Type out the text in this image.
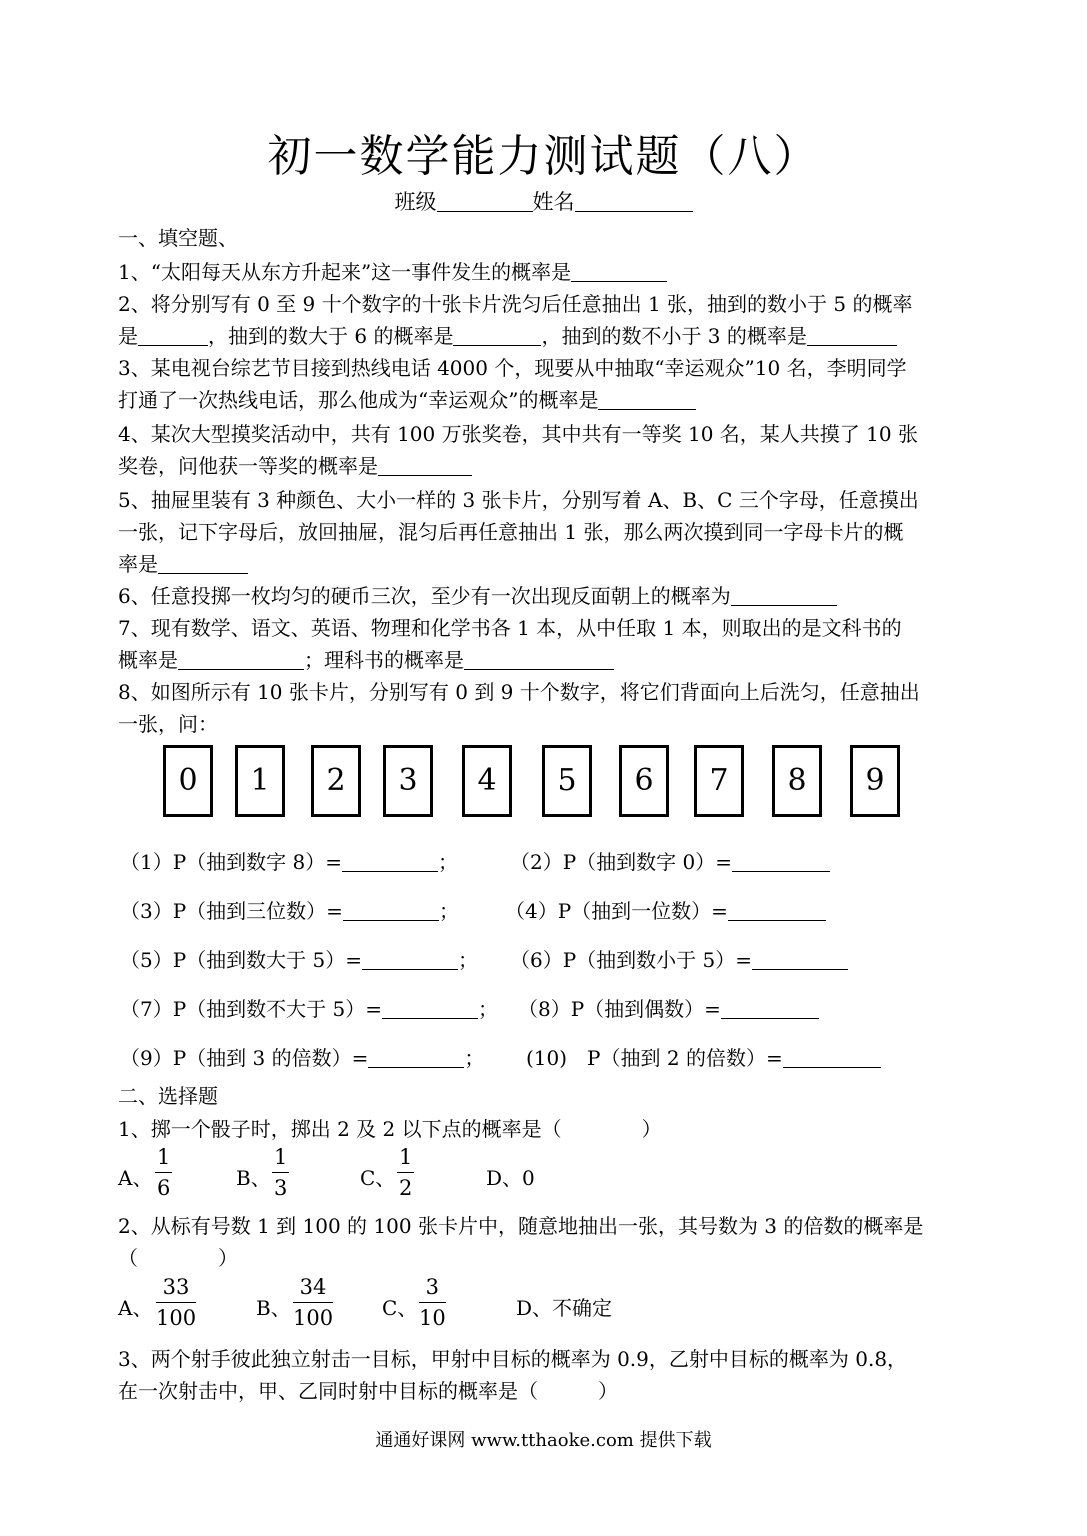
初一数学能力测试题（八）
班级	姓名
一、填空题、
1、“太阳每天从东方升起来”这一事件发生的概率是
2、将分别写有 0 至 9 十个数字的十张卡片洗匀后任意抽出 1 张，抽到的数小于 5 的概率
是	，抽到的数大于 6 的概率是	，抽到的数不小于 3 的概率是
3、某电视台综艺节目接到热线电话 4000 个，现要从中抽取“幸运观众”10 名，李明同学
打通了一次热线电话，那么他成为“幸运观众”的概率是
4、某次大型摸奖活动中，共有 100 万张奖卷，其中共有一等奖 10 名，某人共摸了 10 张
奖卷，问他获一等奖的概率是
5、抽屉里装有 3 种颜色、大小一样的 3 张卡片，分别写着 A、B、C 三个字母，任意摸出
一张，记下字母后，放回抽屉，混匀后再任意抽出 1 张，那么两次摸到同一字母卡片的概
率是
6、任意投掷一枚均匀的硬币三次，至少有一次出现反面朝上的概率为
7、现有数学、语文、英语、物理和化学书各 1 本，从中任取 1 本，则取出的是文科书的
概率是	；理科书的概率是
8、如图所示有 10 张卡片，分别写有 0 到 9 十个数字，将它们背面向上后洗匀，任意抽出
一张，问：
0	1	2	3	4	5	6	7	8	9
（1）P（抽到数字 8）=	；	（2）P（抽到数字 0）=
（3）P（抽到三位数）=	； （4）P（抽到一位数）=
（5）P（抽到数大于 5）=	； （6）P（抽到数小于 5）=
（7）P（抽到数不大于 5）=	； （8）P（抽到偶数）=
（9）P（抽到 3 的倍数）=	； (10)　P（抽到 2 的倍数）=
二、选择题
1、掷一个骰子时，掷出 2 及 2 以下点的概率是（　　　　）
A、 $\frac{1}{6}$	B、 $\frac{1}{3}$	C、 $\frac{1}{2}$	D、0
2、从标有号数 1 到 100 的 100 张卡片中，随意地抽出一张，其号数为 3 的倍数的概率是
（　　　　）
A、 $\frac{33}{100}$	B、 $\frac{34}{100}$ C、 $\frac{3}{10}$	D、不确定
3、两个射手彼此独立射击一目标，甲射中目标的概率为 0.9，乙射中目标的概率为 0.8，
在一次射击中，甲、乙同时射中目标的概率是（　　　）
通通好课网 www.tthaoke.com 提供下载
